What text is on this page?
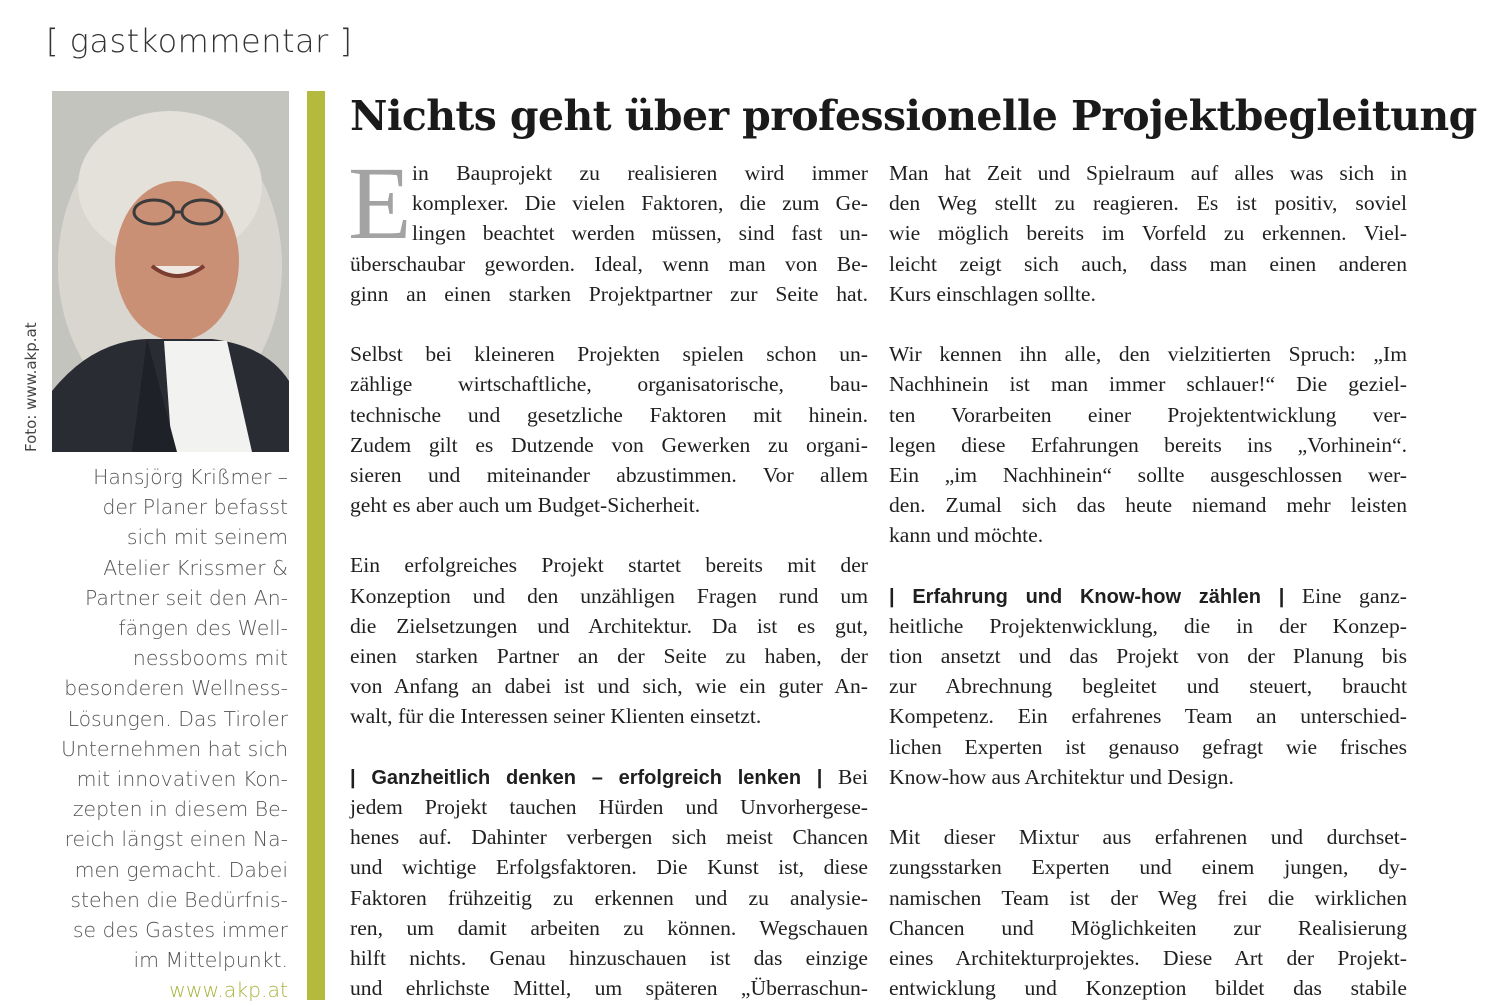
[ gastkommentar ]
Foto: www.akp.at
Hansjörg Krißmer –
der Planer befasst
sich mit seinem
Atelier Krissmer &
Partner seit den An-
fängen des Well-
nessbooms mit
besonderen Wellness-
Lösungen. Das Tiroler
Unternehmen hat sich
mit innovativen Kon-
zepten in diesem Be-
reich längst einen Na-
men gemacht. Dabei
stehen die Bedürfnis-
se des Gastes immer
im Mittelpunkt.
www.akp.at
Nichts geht über professionelle Projektbegleitung
E in Bauprojekt zu realisieren wird immer
komplexer. Die vielen Faktoren, die zum Ge-
lingen beachtet werden müssen, sind fast un-
überschaubar geworden. Ideal, wenn man von Be-
ginn an einen starken Projektpartner zur Seite hat.
Selbst bei kleineren Projekten spielen schon un-
zählige wirtschaftliche, organisatorische, bau-
technische und gesetzliche Faktoren mit hinein.
Zudem gilt es Dutzende von Gewerken zu organi-
sieren und miteinander abzustimmen. Vor allem
geht es aber auch um Budget-Sicherheit.
Ein erfolgreiches Projekt startet bereits mit der
Konzeption und den unzähligen Fragen rund um
die Zielsetzungen und Architektur. Da ist es gut,
einen starken Partner an der Seite zu haben, der
von Anfang an dabei ist und sich, wie ein guter An-
walt, für die Interessen seiner Klienten einsetzt.
| Ganzheitlich denken – erfolgreich lenken | Bei
jedem Projekt tauchen Hürden und Unvorhergese-
henes auf. Dahinter verbergen sich meist Chancen
und wichtige Erfolgsfaktoren. Die Kunst ist, diese
Faktoren frühzeitig zu erkennen und zu analysie-
ren, um damit arbeiten zu können. Wegschauen
hilft nichts. Genau hinzuschauen ist das einzige
und ehrlichste Mittel, um späteren „Überraschun-
Man hat Zeit und Spielraum auf alles was sich in
den Weg stellt zu reagieren. Es ist positiv, soviel
wie möglich bereits im Vorfeld zu erkennen. Viel-
leicht zeigt sich auch, dass man einen anderen
Kurs einschlagen sollte.
Wir kennen ihn alle, den vielzitierten Spruch: „Im
Nachhinein ist man immer schlauer!“ Die geziel-
ten Vorarbeiten einer Projektentwicklung ver-
legen diese Erfahrungen bereits ins „Vorhinein“.
Ein „im Nachhinein“ sollte ausgeschlossen wer-
den. Zumal sich das heute niemand mehr leisten
kann und möchte.
| Erfahrung und Know-how zählen | Eine ganz-
heitliche Projektenwicklung, die in der Konzep-
tion ansetzt und das Projekt von der Planung bis
zur Abrechnung begleitet und steuert, braucht
Kompetenz. Ein erfahrenes Team an unterschied-
lichen Experten ist genauso gefragt wie frisches
Know-how aus Architektur und Design.
Mit dieser Mixtur aus erfahrenen und durchset-
zungsstarken Experten und einem jungen, dy-
namischen Team ist der Weg frei die wirklichen
Chancen und Möglichkeiten zur Realisierung
eines Architekturprojektes. Diese Art der Projekt-
entwicklung und Konzeption bildet das stabile
